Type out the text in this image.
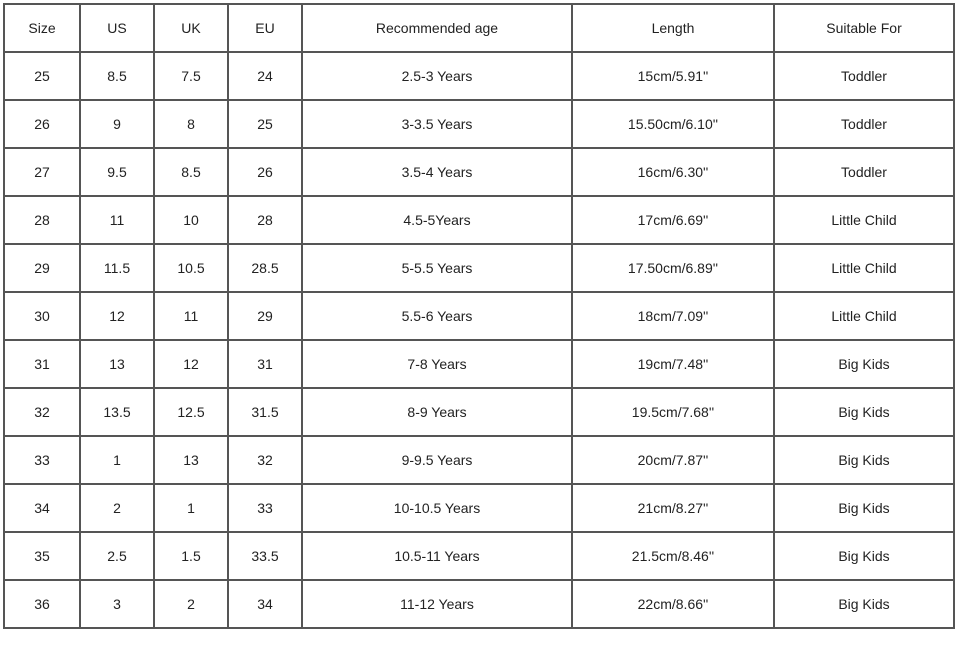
Size	US	UK	EU	Recommended age	Length	Suitable For
25	8.5	7.5	24	2.5-3 Years	15cm/5.91''	Toddler
26	9	8	25	3-3.5 Years	15.50cm/6.10''	Toddler
27	9.5	8.5	26	3.5-4 Years	16cm/6.30''	Toddler
28	11	10	28	4.5-5Years	17cm/6.69''	Little Child
29	11.5	10.5	28.5	5-5.5 Years	17.50cm/6.89''	Little Child
30	12	11	29	5.5-6 Years	18cm/7.09''	Little Child
31	13	12	31	7-8 Years	19cm/7.48''	Big Kids
32	13.5	12.5	31.5	8-9 Years	19.5cm/7.68''	Big Kids
33	1	13	32	9-9.5 Years	20cm/7.87''	Big Kids
34	2	1	33	10-10.5 Years	21cm/8.27''	Big Kids
35	2.5	1.5	33.5	10.5-11 Years	21.5cm/8.46''	Big Kids
36	3	2	34	11-12 Years	22cm/8.66''	Big Kids
